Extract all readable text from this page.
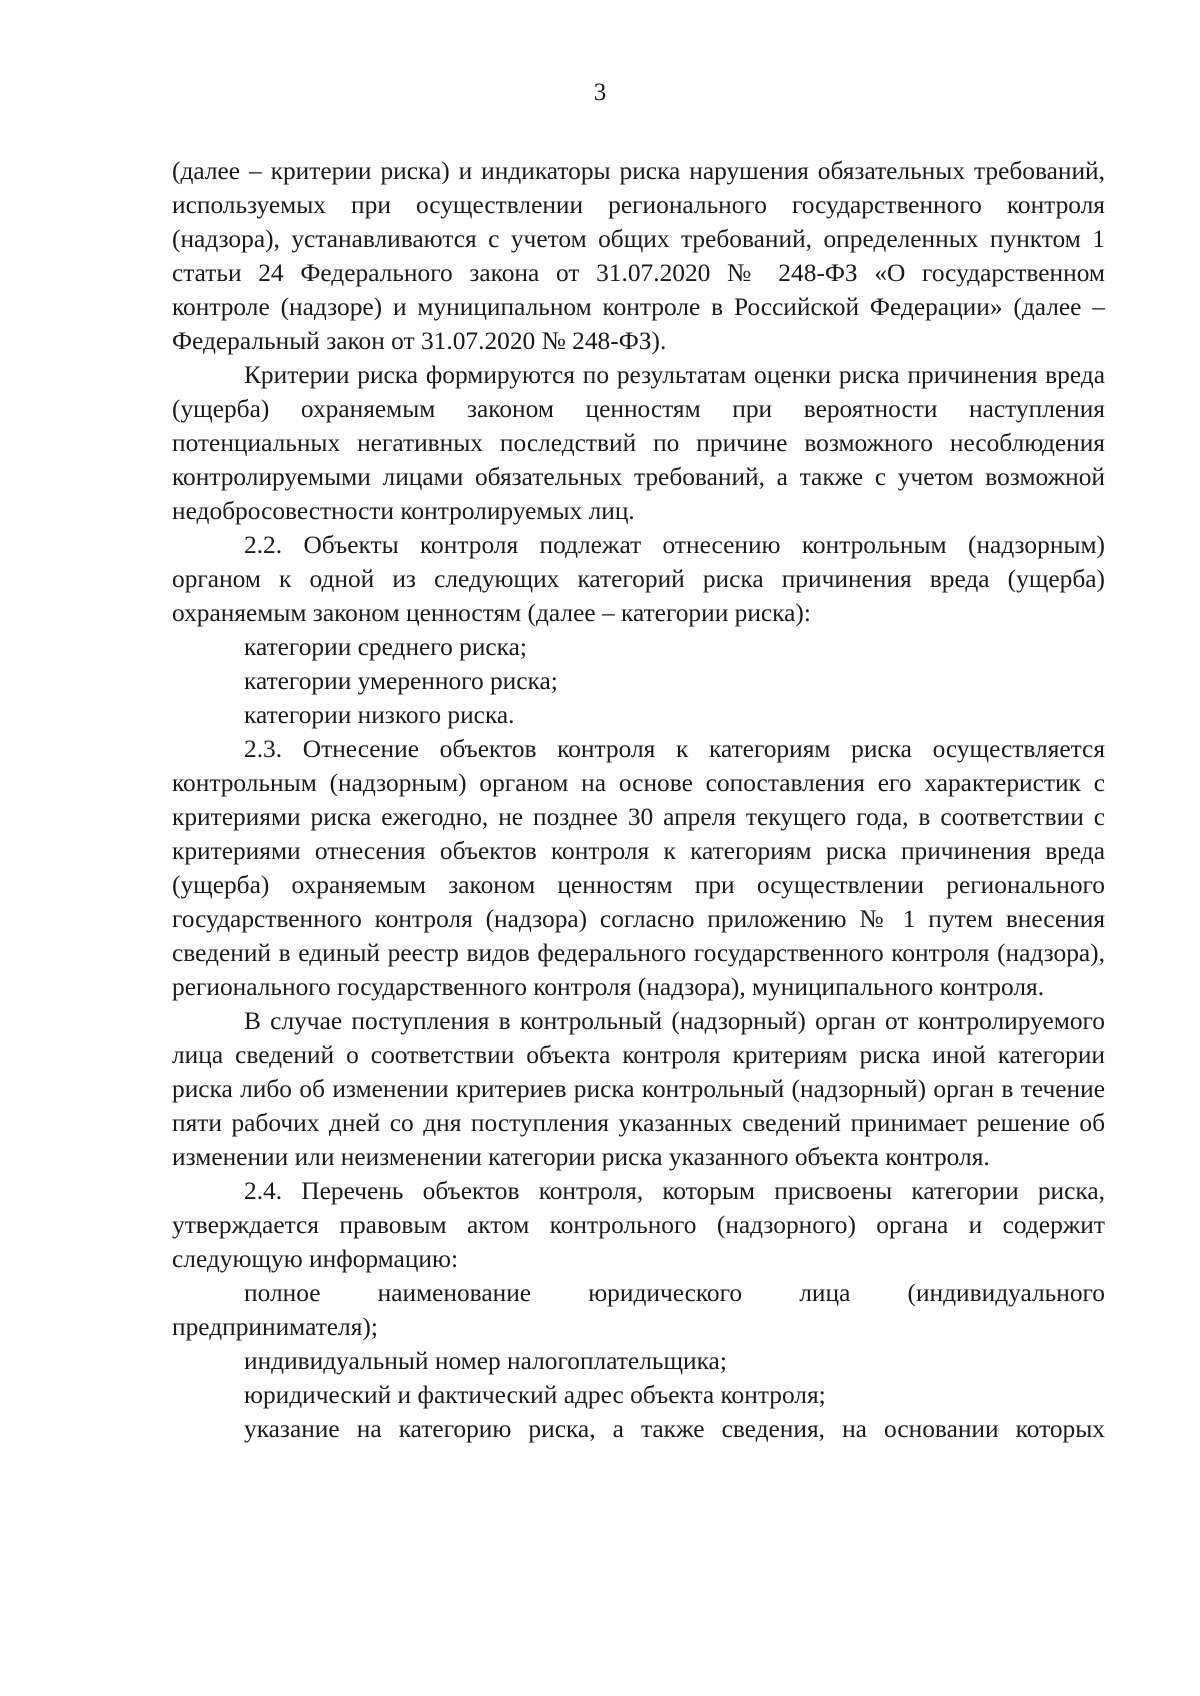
3

(далее – критерии риска) и индикаторы риска нарушения обязательных требований, используемых при осуществлении регионального государственного контроля (надзора), устанавливаются с учетом общих требований, определенных пунктом 1 статьи 24 Федерального закона от 31.07.2020 № 248-ФЗ «О государственном контроле (надзоре) и муниципальном контроле в Российской Федерации» (далее – Федеральный закон от 31.07.2020 № 248-ФЗ).

Критерии риска формируются по результатам оценки риска причинения вреда (ущерба) охраняемым законом ценностям при вероятности наступления потенциальных негативных последствий по причине возможного несоблюдения контролируемыми лицами обязательных требований, а также с учетом возможной недобросовестности контролируемых лиц.

2.2. Объекты контроля подлежат отнесению контрольным (надзорным) органом к одной из следующих категорий риска причинения вреда (ущерба) охраняемым законом ценностям (далее – категории риска):

категории среднего риска;

категории умеренного риска;

категории низкого риска.

2.3. Отнесение объектов контроля к категориям риска осуществляется контрольным (надзорным) органом на основе сопоставления его характеристик с критериями риска ежегодно, не позднее 30 апреля текущего года, в соответствии с критериями отнесения объектов контроля к категориям риска причинения вреда (ущерба) охраняемым законом ценностям при осуществлении регионального государственного контроля (надзора) согласно приложению № 1 путем внесения сведений в единый реестр видов федерального государственного контроля (надзора), регионального государственного контроля (надзора), муниципального контроля.

В случае поступления в контрольный (надзорный) орган от контролируемого лица сведений о соответствии объекта контроля критериям риска иной категории риска либо об изменении критериев риска контрольный (надзорный) орган в течение пяти рабочих дней со дня поступления указанных сведений принимает решение об изменении или неизменении категории риска указанного объекта контроля.

2.4. Перечень объектов контроля, которым присвоены категории риска, утверждается правовым актом контрольного (надзорного) органа и содержит следующую информацию:

полное наименование юридического лица (индивидуального предпринимателя);

индивидуальный номер налогоплательщика;

юридический и фактический адрес объекта контроля;

указание на категорию риска, а также сведения, на основании которых
